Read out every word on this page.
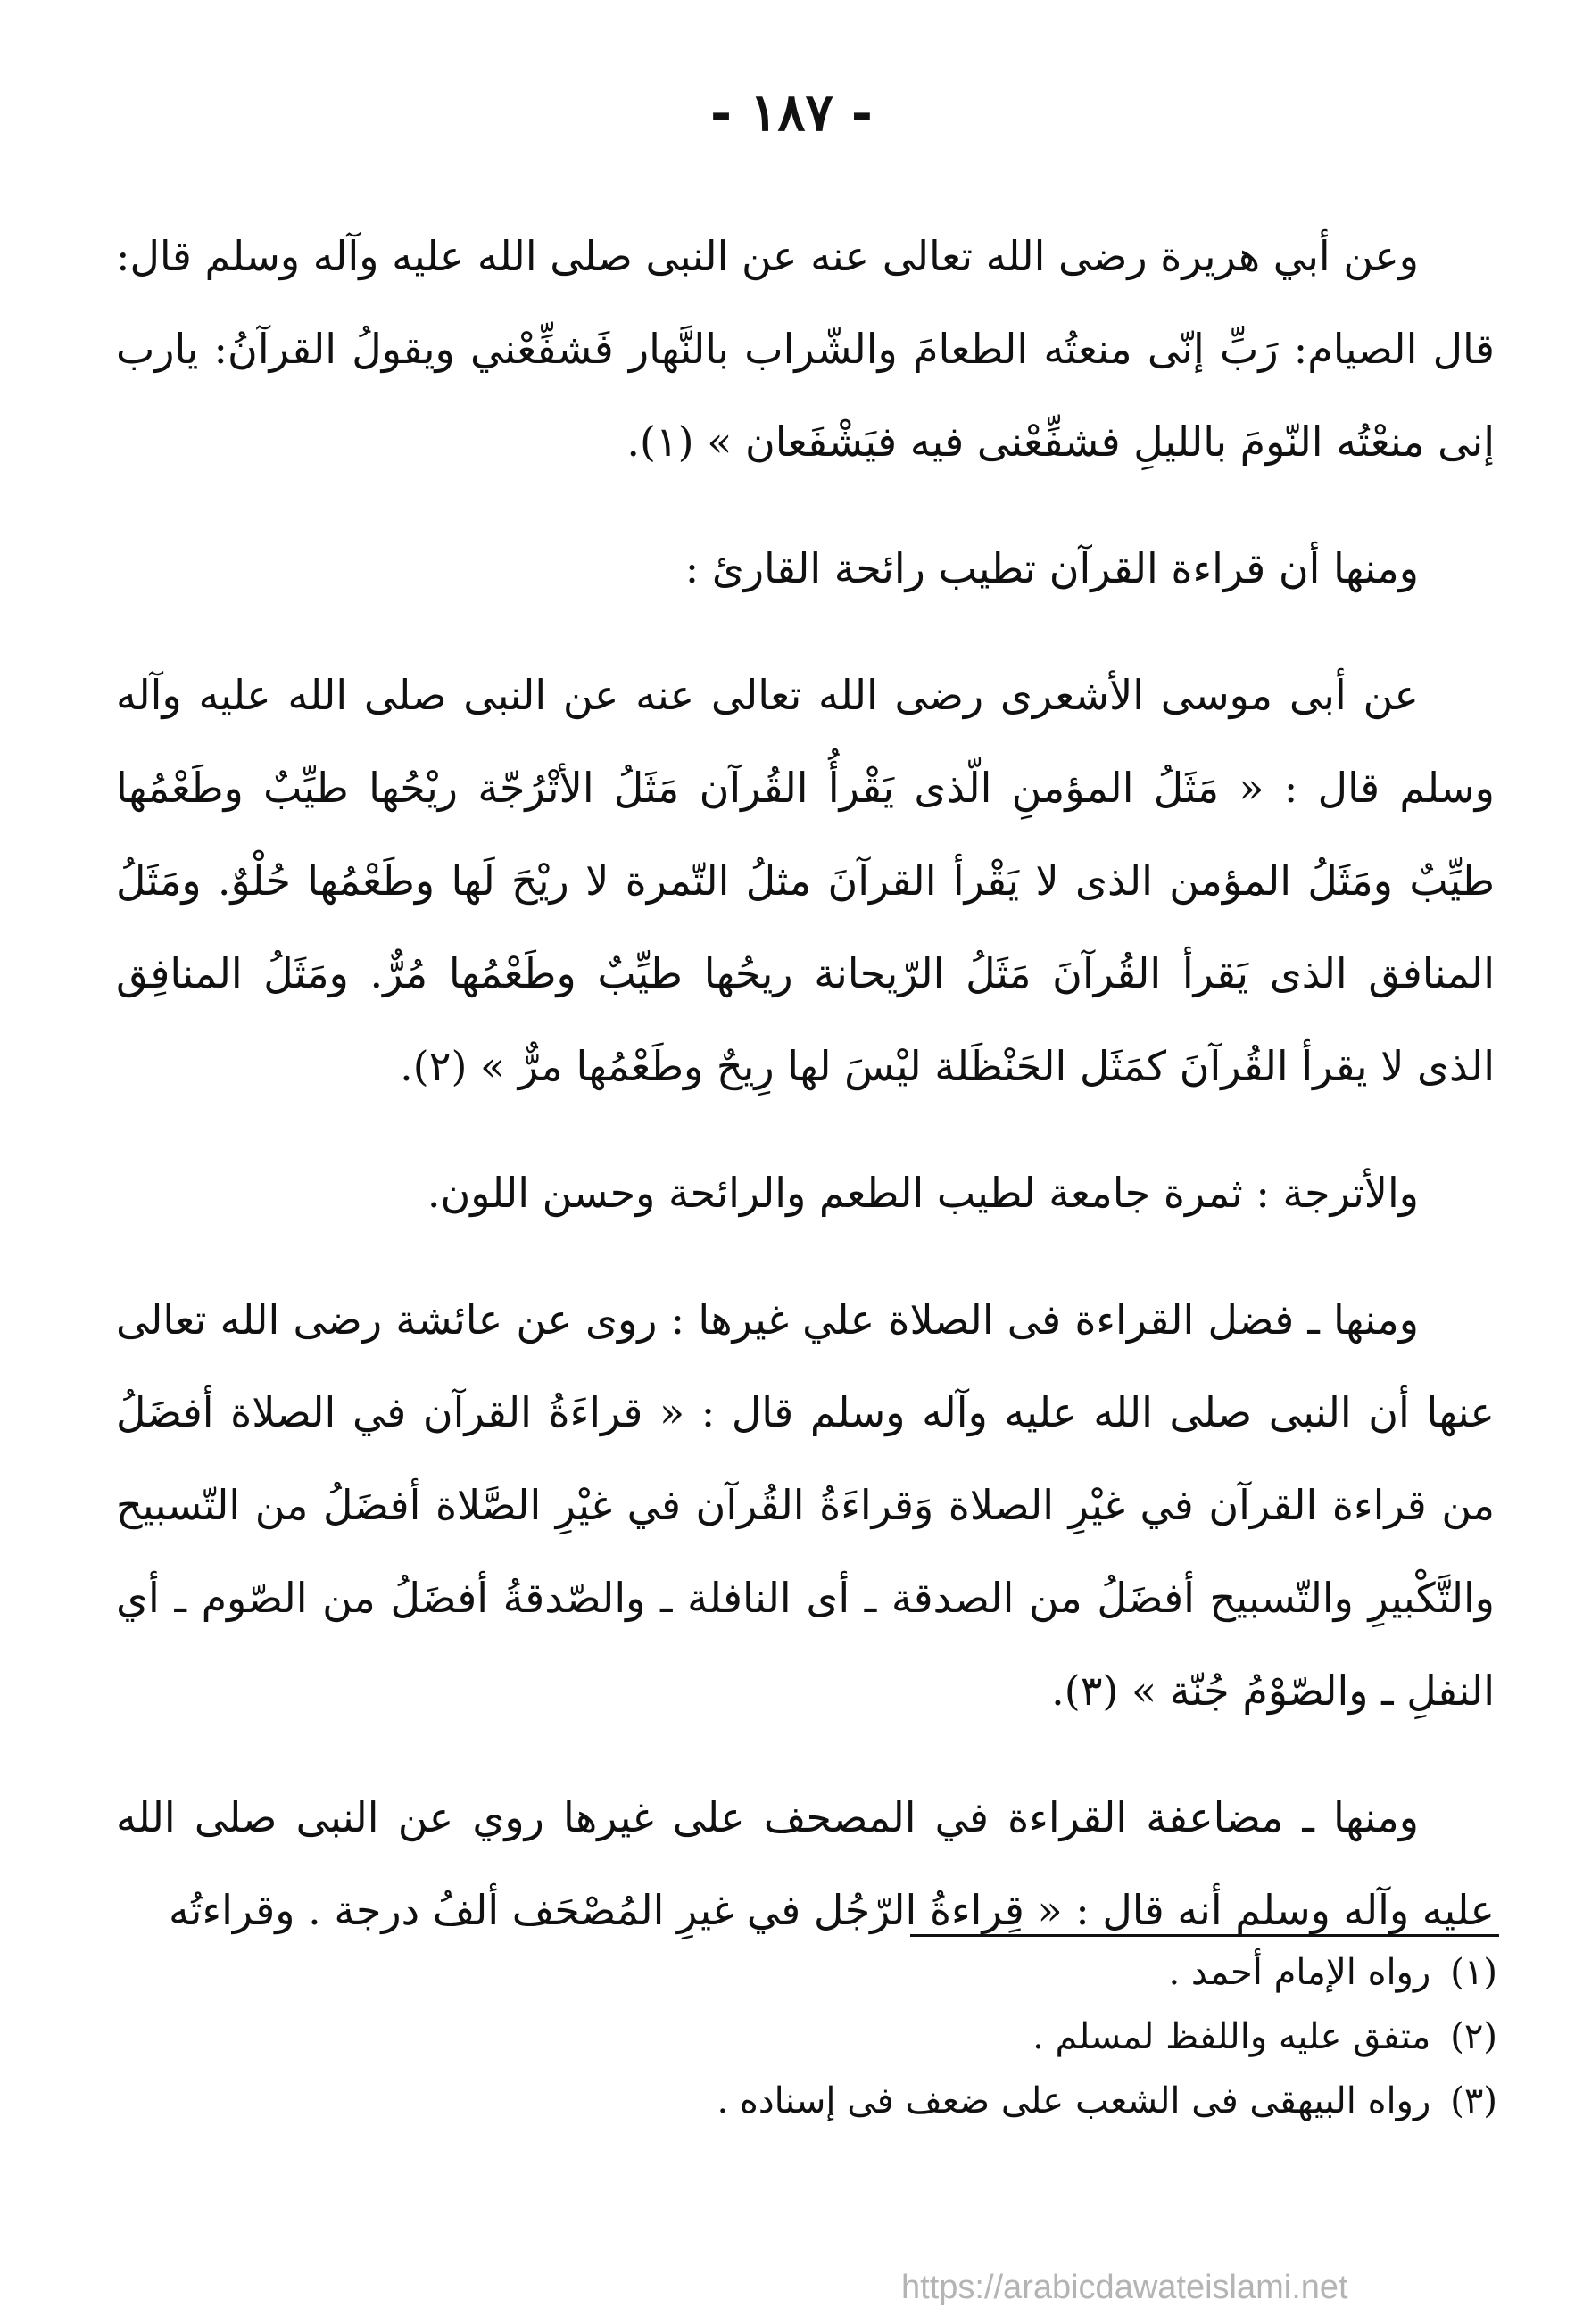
- ١٨٧ -

وعن أبي هريرة رضى الله تعالى عنه عن النبى صلى الله عليه وآله وسلم قال: قال الصيام: رَبِّ إنّى منعتُه الطعامَ والشّراب بالنَّهار فَشفِّعْني ويقولُ القرآنُ: يارب إنى منعْتُه النّومَ بالليلِ فشفِّعْنى فيه فيَشْفَعان » (١).

ومنها أن قراءة القرآن تطيب رائحة القارئ :

عن أبى موسى الأشعرى رضى الله تعالى عنه عن النبى صلى الله عليه وآله وسلم قال : « مَثَلُ المؤمنِ الّذى يَقْرأُ القُرآن مَثَلُ الأتْرُجّة ريْحُها طيِّبٌ وطَعْمُها طيِّبٌ ومَثَلُ المؤمن الذى لا يَقْرأ القرآنَ مثلُ التّمرة لا ريْحَ لَها وطَعْمُها حُلْوٌ. ومَثَلُ المنافق الذى يَقرأ القُرآنَ مَثَلُ الرّيحانة ريحُها طيِّبٌ وطَعْمُها مُرٌّ. ومَثَلُ المنافِق الذى لا يقرأ القُرآنَ كمَثَل الحَنْظَلة ليْسَ لها رِيحٌ وطَعْمُها مرٌّ » (٢).

والأترجة : ثمرة جامعة لطيب الطعم والرائحة وحسن اللون.

ومنها ـ فضل القراءة فى الصلاة علي غيرها : روى عن عائشة رضى الله تعالى عنها أن النبى صلى الله عليه وآله وسلم قال : « قراءَةُ القرآن في الصلاة أفضَلُ من قراءة القرآن في غيْرِ الصلاة وَقراءَةُ القُرآن في غيْرِ الصَّلاة أفضَلُ من التّسبيح والتَّكْبيرِ والتّسبيح أفضَلُ من الصدقة ـ أى النافلة ـ والصّدقةُ أفضَلُ من الصّوم ـ أي النفلِ ـ والصّوْمُ جُنّة » (٣).

ومنها ـ مضاعفة القراءة في المصحف على غيرها روي عن النبى صلى الله عليه وآله وسلم أنه قال : « قِراءةُ الرّجُل في غيرِ المُصْحَف ألفُ درجة . وقراءتُه

(١)رواه الإمام أحمد .

(٢)متفق عليه واللفظ لمسلم .

(٣)رواه البيهقى فى الشعب على ضعف فى إسناده .

https://arabicdawateislami.net
